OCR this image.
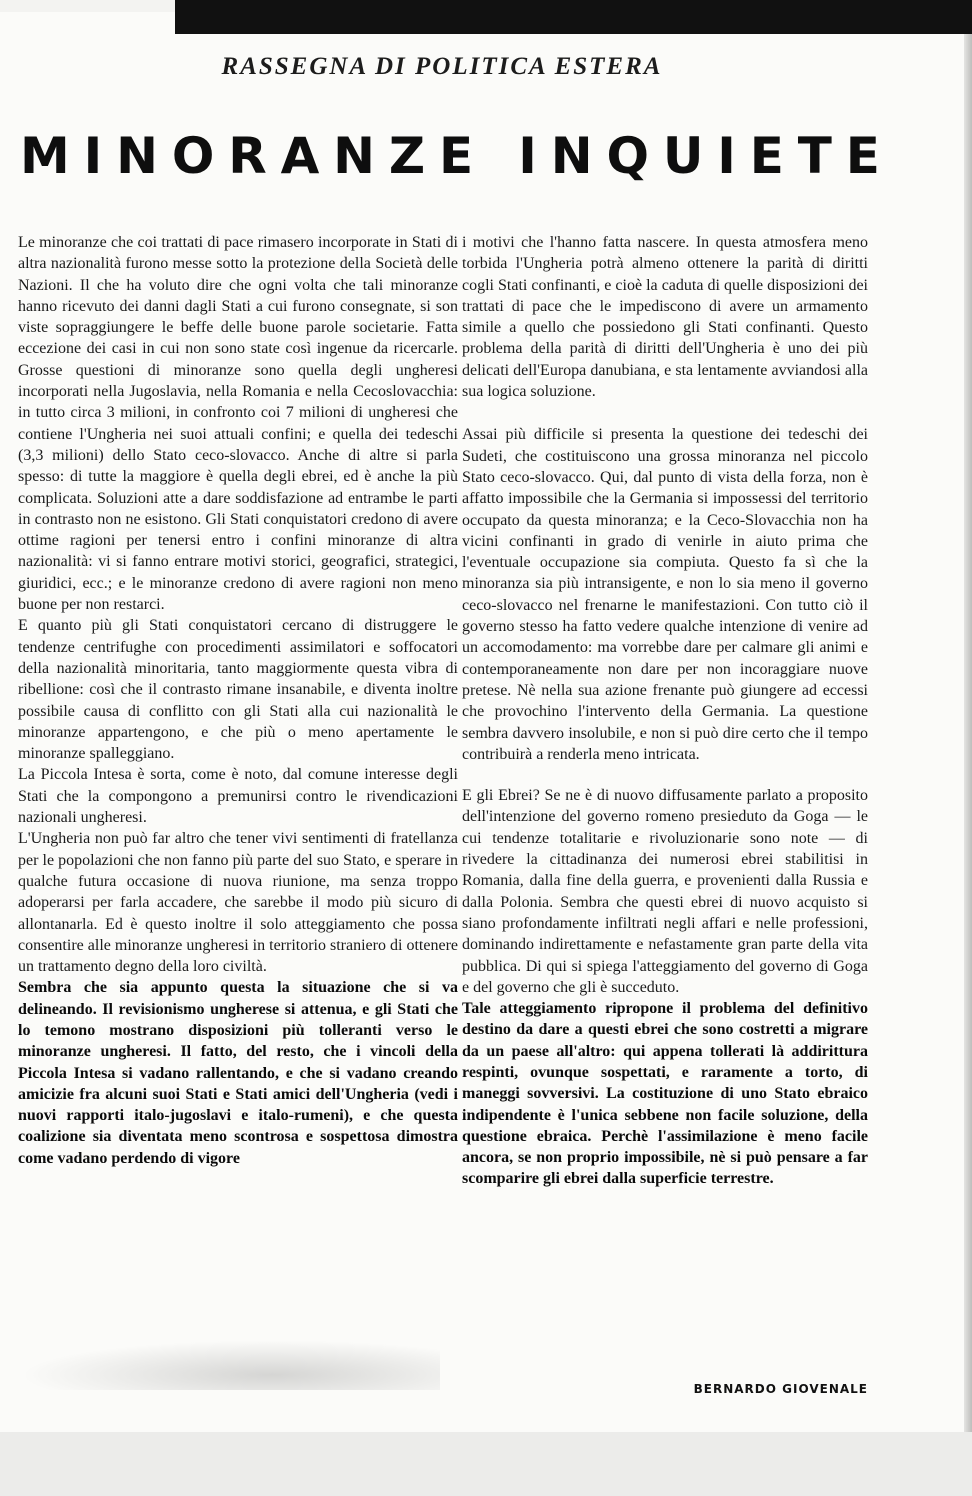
RASSEGNA DI POLITICA ESTERA
M I N O R A N Z E
I N Q U I E T E

Le minoranze che coi trattati di pace rimasero incorporate in Stati di altra nazionalità furono messe sotto la protezione della Società delle Nazioni. Il che ha voluto dire che ogni volta che tali minoranze hanno ricevuto dei danni dagli Stati a cui furono consegnate, si son viste sopraggiungere le beffe delle buone parole societarie. Fatta eccezione dei casi in cui non sono state così ingenue da ricercarle. Grosse questioni di minoranze sono quella degli ungheresi incorporati nella Jugoslavia, nella Romania e nella Cecoslovacchia: in tutto circa 3 milioni, in confronto coi 7 milioni di ungheresi che contiene l'Ungheria nei suoi attuali confini; e quella dei tedeschi (3,3 milioni) dello Stato ceco-slovacco. Anche di altre si parla spesso: di tutte la maggiore è quella degli ebrei, ed è anche la più complicata. Soluzioni atte a dare soddisfazione ad entrambe le parti in contrasto non ne esistono. Gli Stati conquistatori credono di avere ottime ragioni per tenersi entro i confini minoranze di altra nazionalità: vi si fanno entrare motivi storici, geografici, strategici, giuridici, ecc.; e le minoranze credono di avere ragioni non meno buone per non restarci.

E quanto più gli Stati conquistatori cercano di distruggere le tendenze centrifughe con procedimenti assimilatori e soffocatori della nazionalità minoritaria, tanto maggiormente questa vibra di ribellione: così che il contrasto rimane insanabile, e diventa inoltre possibile causa di conflitto con gli Stati alla cui nazionalità le minoranze appartengono, e che più o meno apertamente le minoranze spalleggiano.

La Piccola Intesa è sorta, come è noto, dal comune interesse degli Stati che la compongono a premunirsi contro le rivendicazioni nazionali ungheresi.

L'Ungheria non può far altro che tener vivi sentimenti di fratellanza per le popolazioni che non fanno più parte del suo Stato, e sperare in qualche futura occasione di nuova riunione, ma senza troppo adoperarsi per farla accadere, che sarebbe il modo più sicuro di allontanarla. Ed è questo inoltre il solo atteggiamento che possa consentire alle minoranze ungheresi in territorio straniero di ottenere un trattamento degno della loro civiltà.

Sembra che sia appunto questa la situazione che si va delineando. Il revisionismo ungherese si attenua, e gli Stati che lo temono mostrano disposizioni più tolleranti verso le minoranze ungheresi. Il fatto, del resto, che i vincoli della Piccola Intesa si vadano rallentando, e che si vadano creando amicizie fra alcuni suoi Stati e Stati amici dell'Ungheria (vedi i nuovi rapporti italo-jugoslavi e italo-rumeni), e che questa coalizione sia diventata meno scontrosa e sospettosa dimostra come vadano perdendo di vigore

i motivi che l'hanno fatta nascere. In questa atmosfera meno torbida l'Ungheria potrà almeno ottenere la parità di diritti cogli Stati confinanti, e cioè la caduta di quelle disposizioni dei trattati di pace che le impediscono di avere un armamento simile a quello che possiedono gli Stati confinanti. Questo problema della parità di diritti dell'Ungheria è uno dei più delicati dell'Europa danubiana, e sta lentamente avviandosi alla sua logica soluzione.

Assai più difficile si presenta la questione dei tedeschi dei Sudeti, che costituiscono una grossa minoranza nel piccolo Stato ceco-slovacco. Qui, dal punto di vista della forza, non è affatto impossibile che la Germania si impossessi del territorio occupato da questa minoranza; e la Ceco-Slovacchia non ha vicini confinanti in grado di venirle in aiuto prima che l'eventuale occupazione sia compiuta. Questo fa sì che la minoranza sia più intransigente, e non lo sia meno il governo ceco-slovacco nel frenarne le manifestazioni. Con tutto ciò il governo stesso ha fatto vedere qualche intenzione di venire ad un accomodamento: ma vorrebbe dare per calmare gli animi e contemporaneamente non dare per non incoraggiare nuove pretese. Nè nella sua azione frenante può giungere ad eccessi che provochino l'intervento della Germania. La questione sembra davvero insolubile, e non si può dire certo che il tempo contribuirà a renderla meno intricata.

E gli Ebrei? Se ne è di nuovo diffusamente parlato a proposito dell'intenzione del governo romeno presieduto da Goga — le cui tendenze totalitarie e rivoluzionarie sono note — di rivedere la cittadinanza dei numerosi ebrei stabilitisi in Romania, dalla fine della guerra, e provenienti dalla Russia e dalla Polonia. Sembra che questi ebrei di nuovo acquisto si siano profondamente infiltrati negli affari e nelle professioni, dominando indirettamente e nefastamente gran parte della vita pubblica. Di qui si spiega l'atteggiamento del governo di Goga e del governo che gli è succeduto.

Tale atteggiamento ripropone il problema del definitivo destino da dare a questi ebrei che sono costretti a migrare da un paese all'altro: qui appena tollerati là addirittura respinti, ovunque sospettati, e raramente a torto, di maneggi sovversivi. La costituzione di uno Stato ebraico indipendente è l'unica sebbene non facile soluzione, della questione ebraica. Perchè l'assimilazione è meno facile ancora, se non proprio impossibile, nè si può pensare a far scomparire gli ebrei dalla superficie terrestre.

BERNARDO GIOVENALE
